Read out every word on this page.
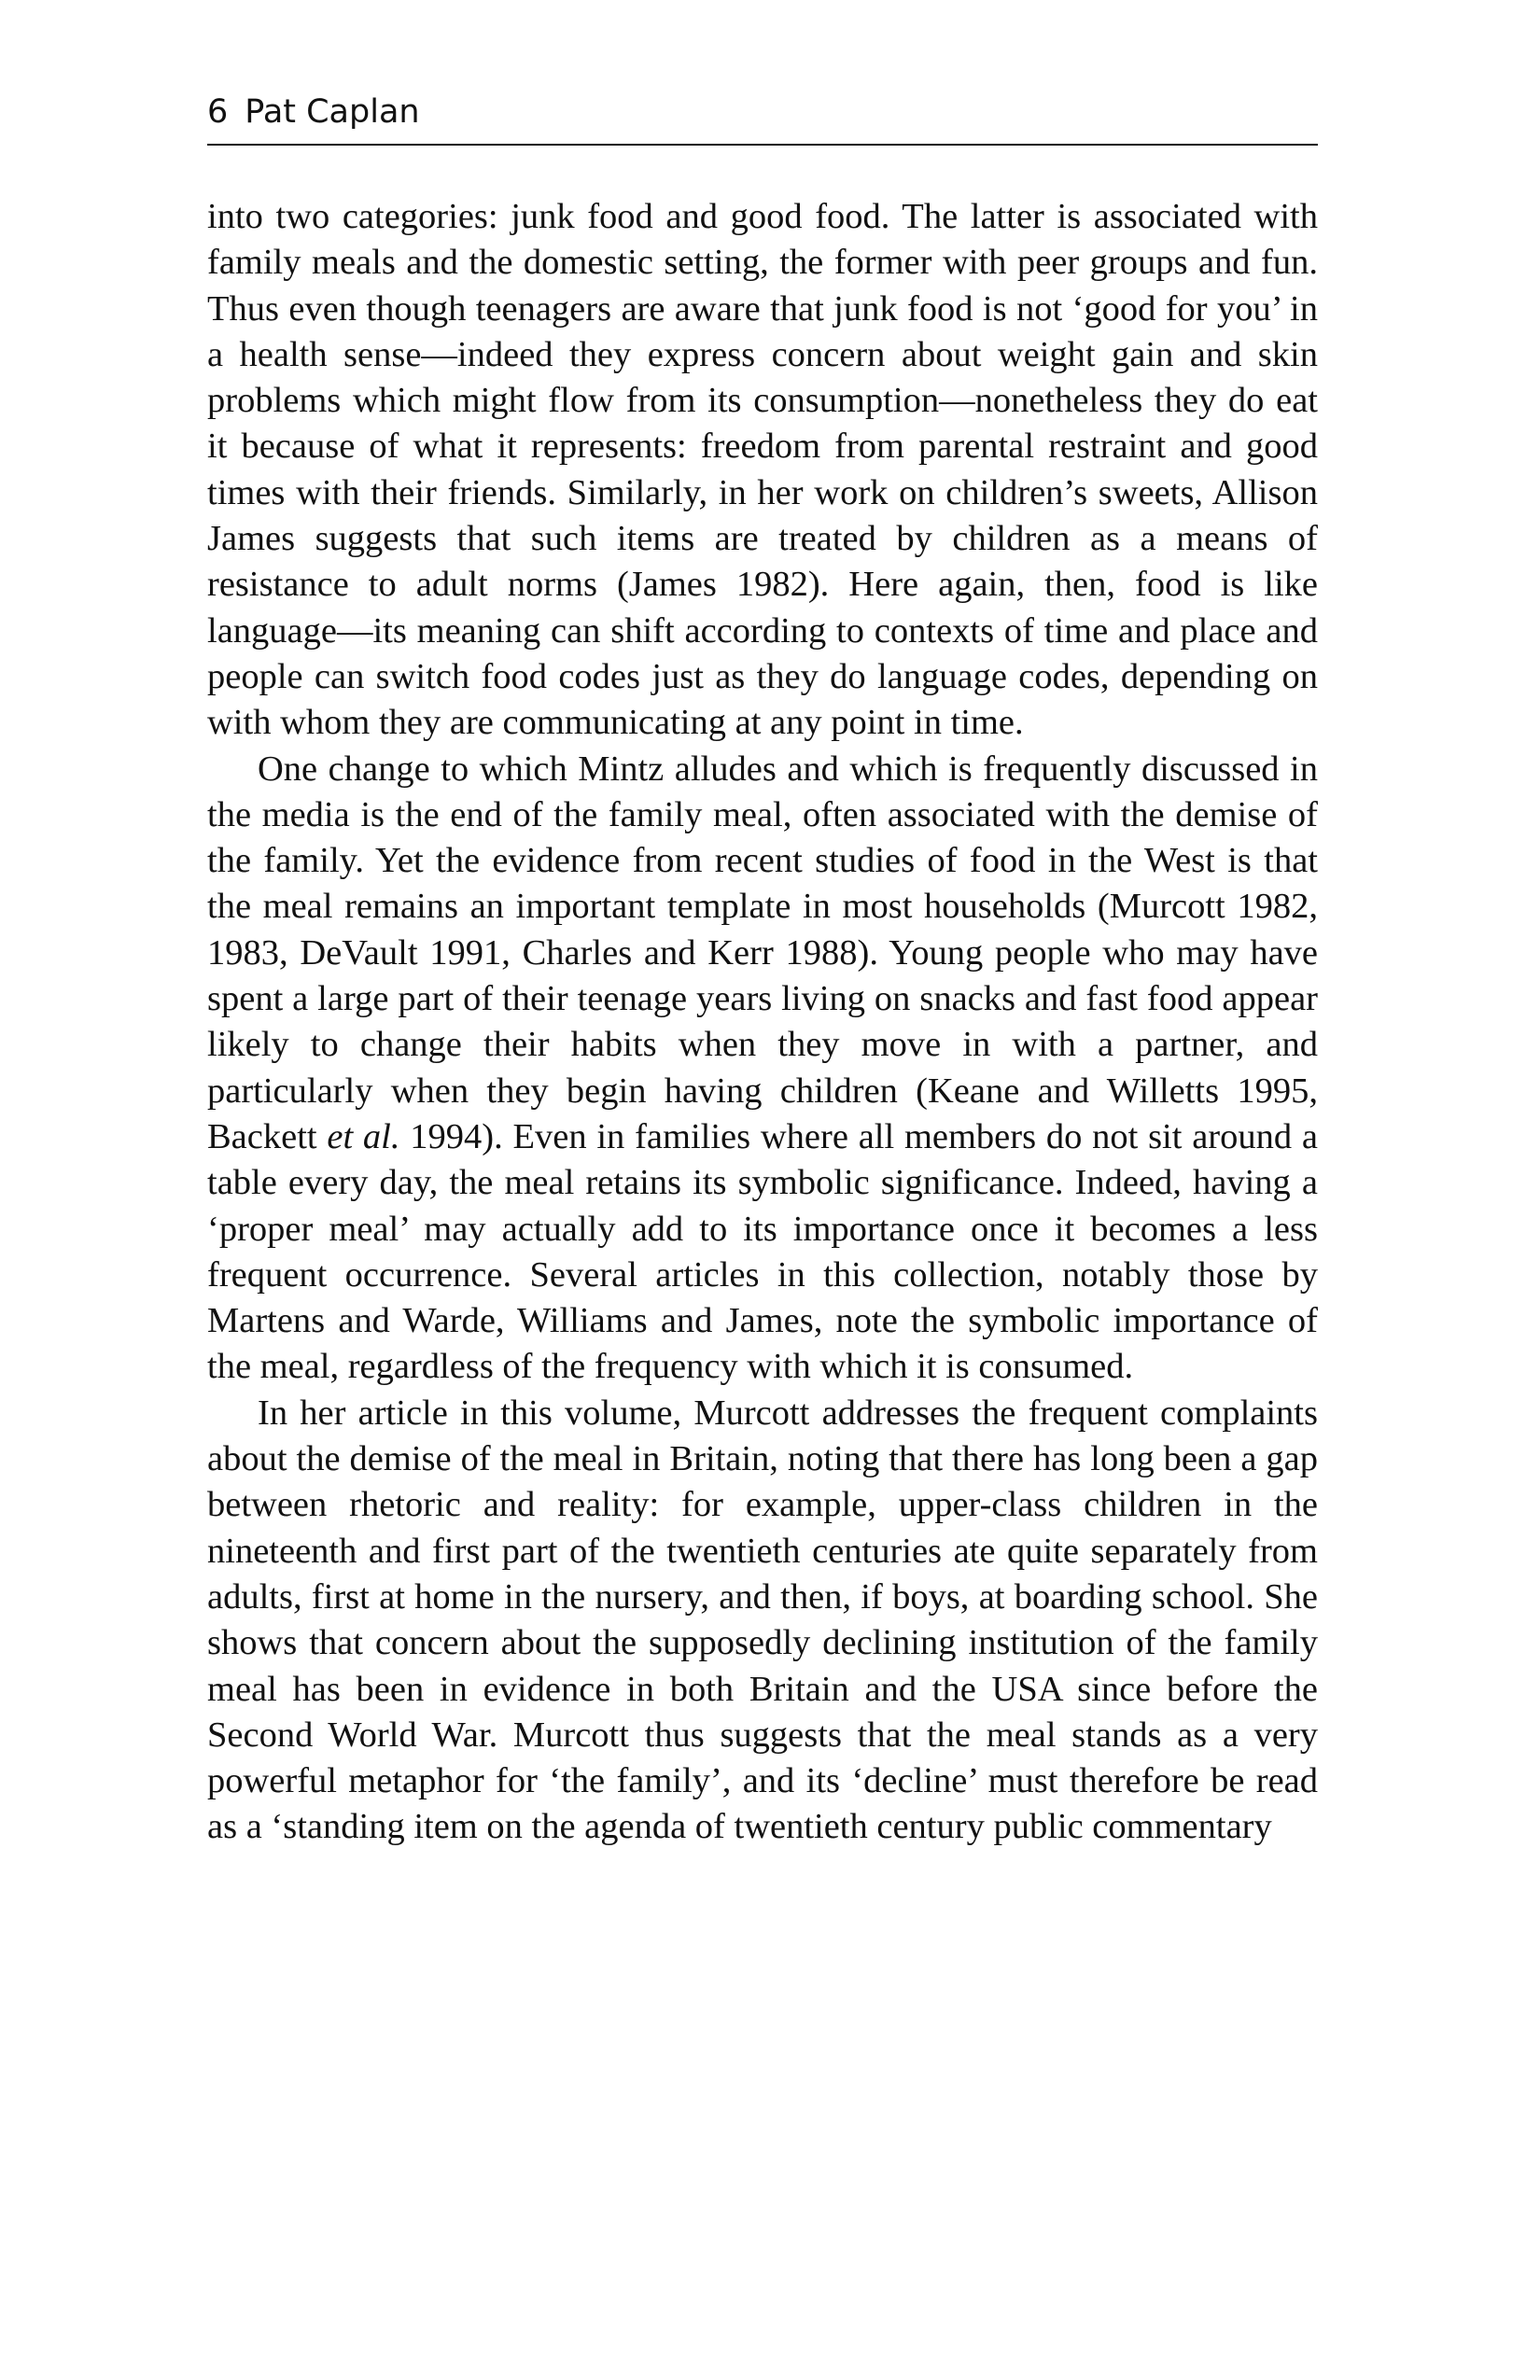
6 Pat Caplan

into two categories: junk food and good food. The latter is associated with family meals and the domestic setting, the former with peer groups and fun. Thus even though teenagers are aware that junk food is not ‘good for you’ in a health sense—indeed they express concern about weight gain and skin problems which might flow from its consumption—nonetheless they do eat it because of what it represents: freedom from parental restraint and good times with their friends. Similarly, in her work on children’s sweets, Allison James suggests that such items are treated by children as a means of resistance to adult norms (James 1982). Here again, then, food is like language—its meaning can shift according to contexts of time and place and people can switch food codes just as they do language codes, depending on with whom they are communicating at any point in time.

One change to which Mintz alludes and which is frequently discussed in the media is the end of the family meal, often associated with the demise of the family. Yet the evidence from recent studies of food in the West is that the meal remains an important template in most households (Murcott 1982, 1983, DeVault 1991, Charles and Kerr 1988). Young people who may have spent a large part of their teenage years living on snacks and fast food appear likely to change their habits when they move in with a partner, and particularly when they begin having children (Keane and Willetts 1995, Backett et al. 1994). Even in families where all members do not sit around a table every day, the meal retains its symbolic significance. Indeed, having a ‘proper meal’ may actually add to its importance once it becomes a less frequent occurrence. Several articles in this collection, notably those by Martens and Warde, Williams and James, note the symbolic importance of the meal, regardless of the frequency with which it is consumed.

In her article in this volume, Murcott addresses the frequent complaints about the demise of the meal in Britain, noting that there has long been a gap between rhetoric and reality: for example, upper-class children in the nineteenth and first part of the twentieth centuries ate quite separately from adults, first at home in the nursery, and then, if boys, at boarding school. She shows that concern about the supposedly declining institution of the family meal has been in evidence in both Britain and the USA since before the Second World War. Murcott thus suggests that the meal stands as a very powerful metaphor for ‘the family’, and its ‘decline’ must therefore be read as a ‘standing item on the agenda of twentieth century public commentary
